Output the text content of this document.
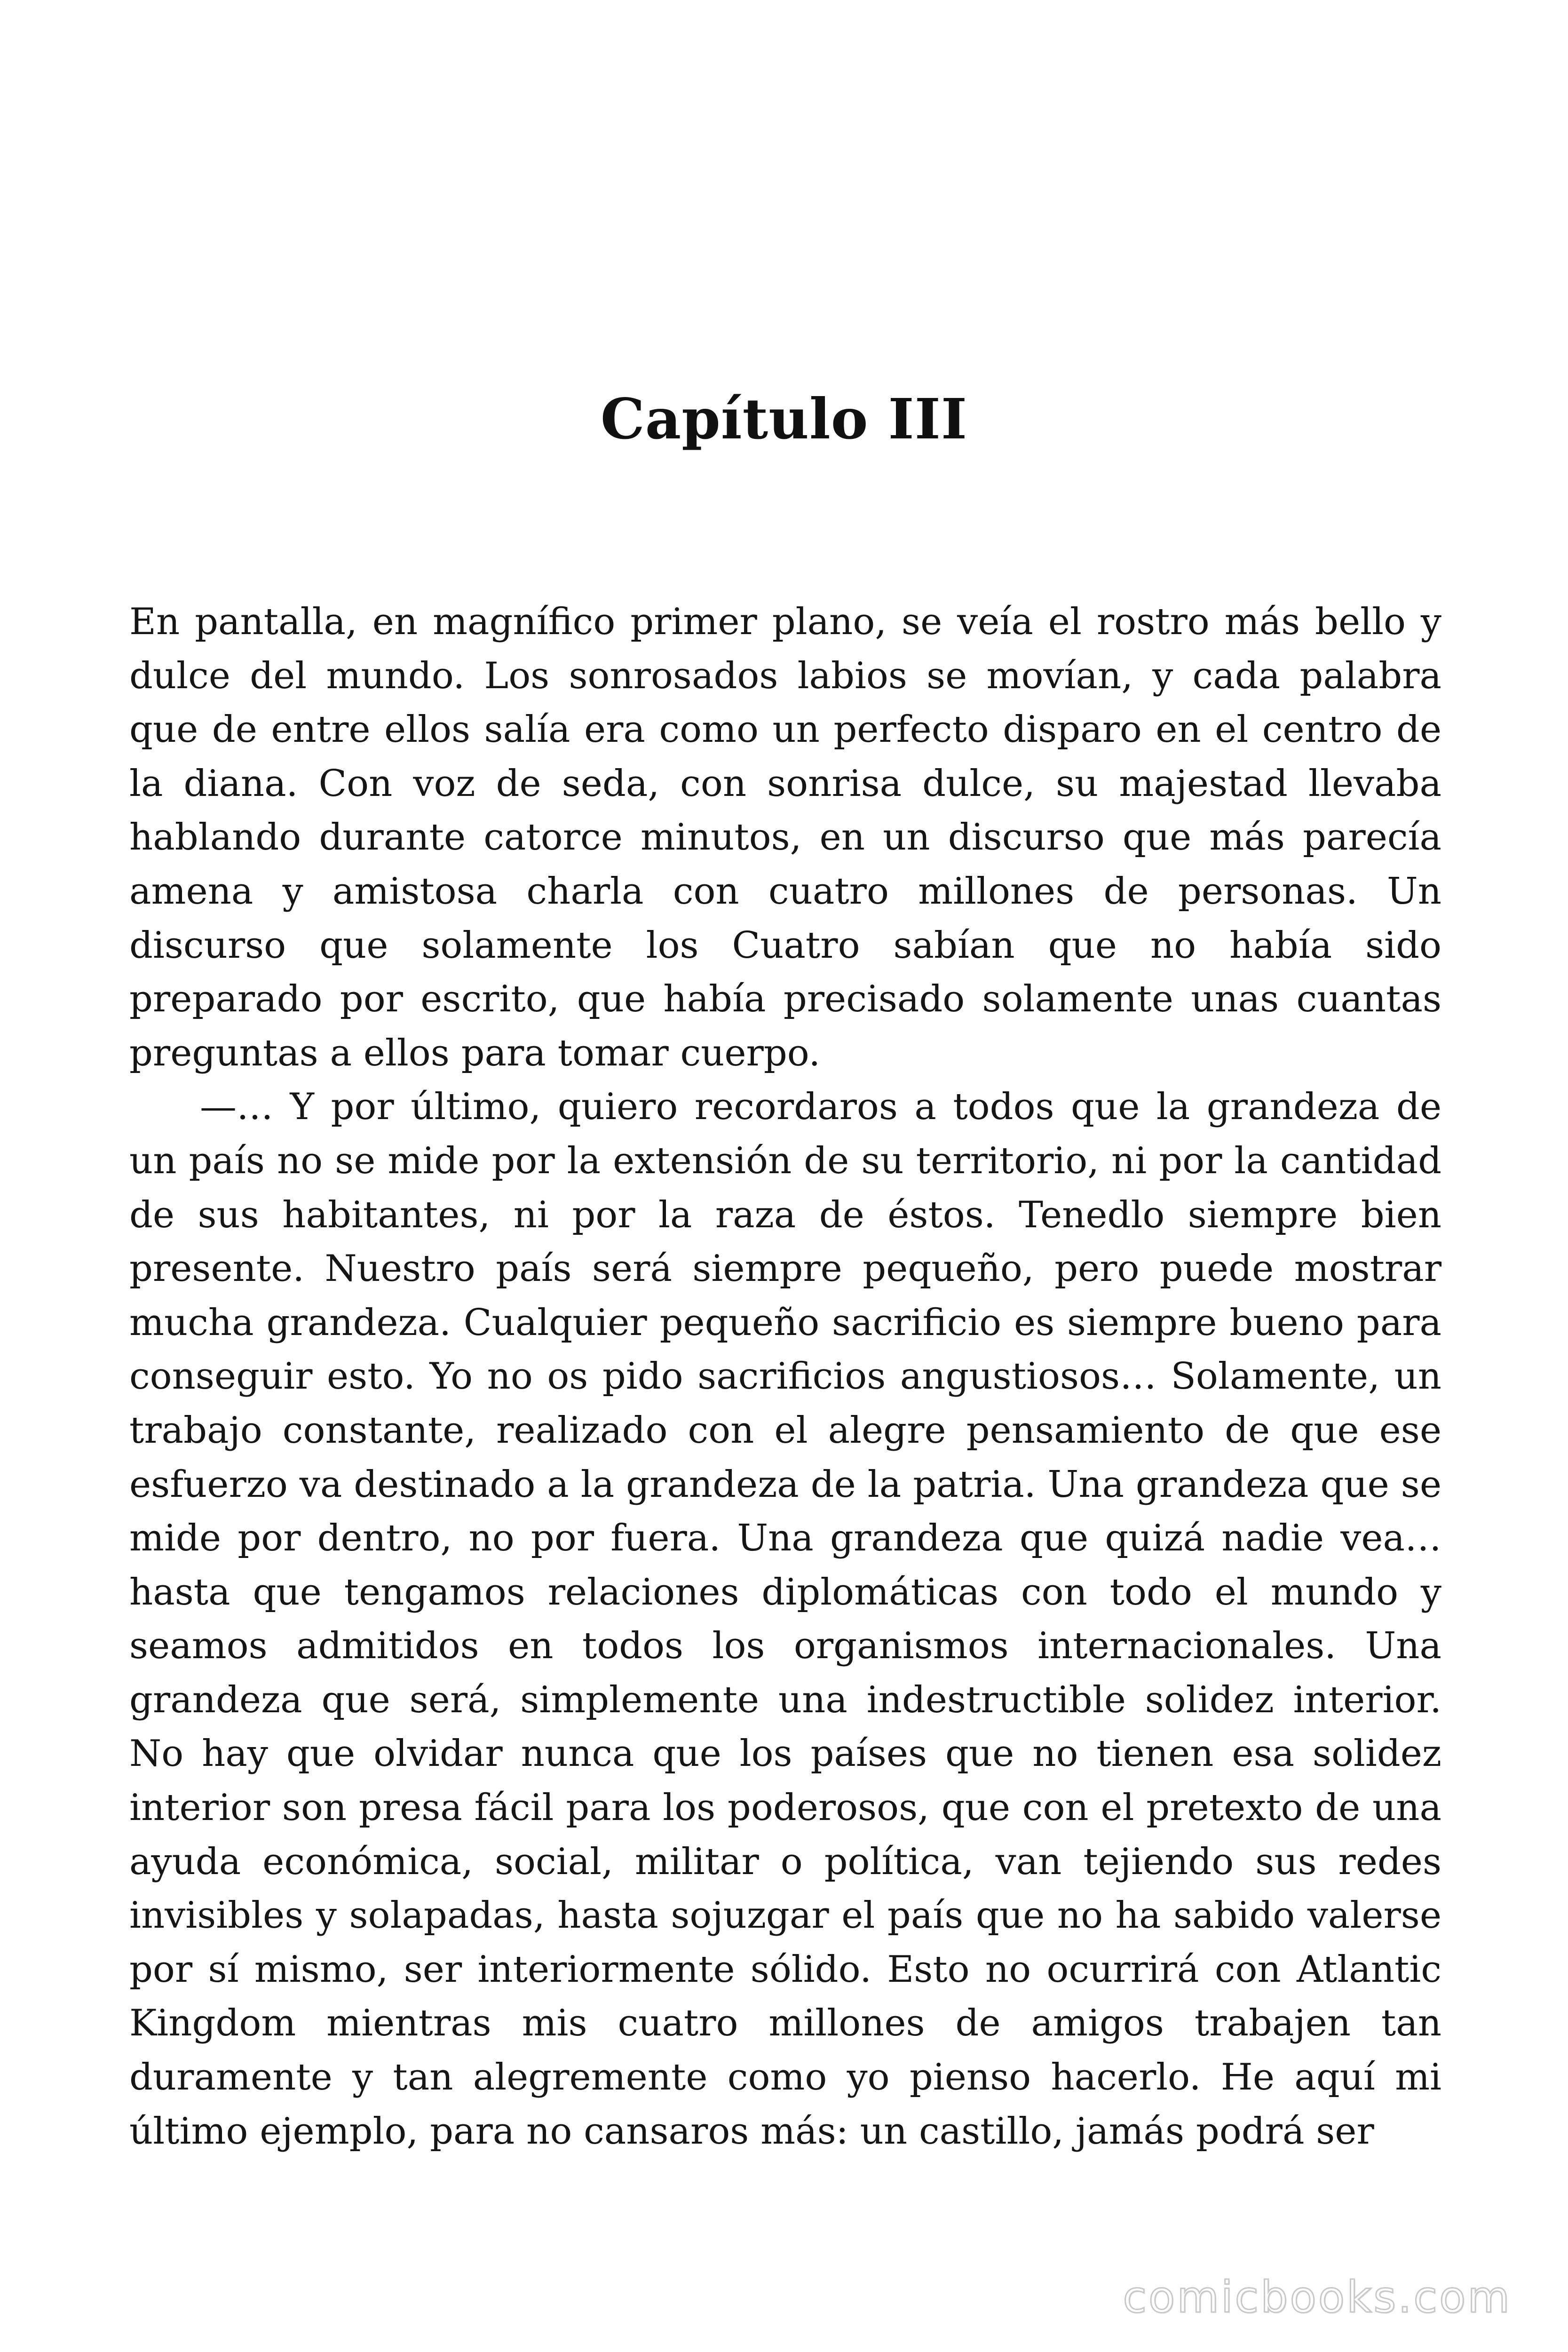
Capítulo III

En pantalla, en magnífico primer plano, se veía el rostro más bello y dulce del mundo. Los sonrosados labios se movían, y cada palabra que de entre ellos salía era como un perfecto disparo en el centro de la diana. Con voz de seda, con sonrisa dulce, su majestad llevaba hablando durante catorce minutos, en un discurso que más parecía amena y amistosa charla con cuatro millones de personas. Un discurso que solamente los Cuatro sabían que no había sido preparado por escrito, que había precisado solamente unas cuantas preguntas a ellos para tomar cuerpo.

—… Y por último, quiero recordaros a todos que la grandeza de un país no se mide por la extensión de su territorio, ni por la cantidad de sus habitantes, ni por la raza de éstos. Tenedlo siempre bien presente. Nuestro país será siempre pequeño, pero puede mostrar mucha grandeza. Cualquier pequeño sacrificio es siempre bueno para conseguir esto. Yo no os pido sacrificios angustiosos… Solamente, un trabajo constante, realizado con el alegre pensamiento de que ese esfuerzo va destinado a la grandeza de la patria. Una grandeza que se mide por dentro, no por fuera. Una grandeza que quizá nadie vea… hasta que tengamos relaciones diplomáticas con todo el mundo y seamos admitidos en todos los organismos internacionales. Una grandeza que será, simplemente una indestructible solidez interior. No hay que olvidar nunca que los países que no tienen esa solidez interior son presa fácil para los poderosos, que con el pretexto de una ayuda económica, social, militar o política, van tejiendo sus redes invisibles y solapadas, hasta sojuzgar el país que no ha sabido valerse por sí mismo, ser interiormente sólido. Esto no ocurrirá con Atlantic Kingdom mientras mis cuatro millones de amigos trabajen tan duramente y tan alegremente como yo pienso hacerlo. He aquí mi último ejemplo, para no cansaros más: un castillo, jamás podrá ser

comicbooks.com
